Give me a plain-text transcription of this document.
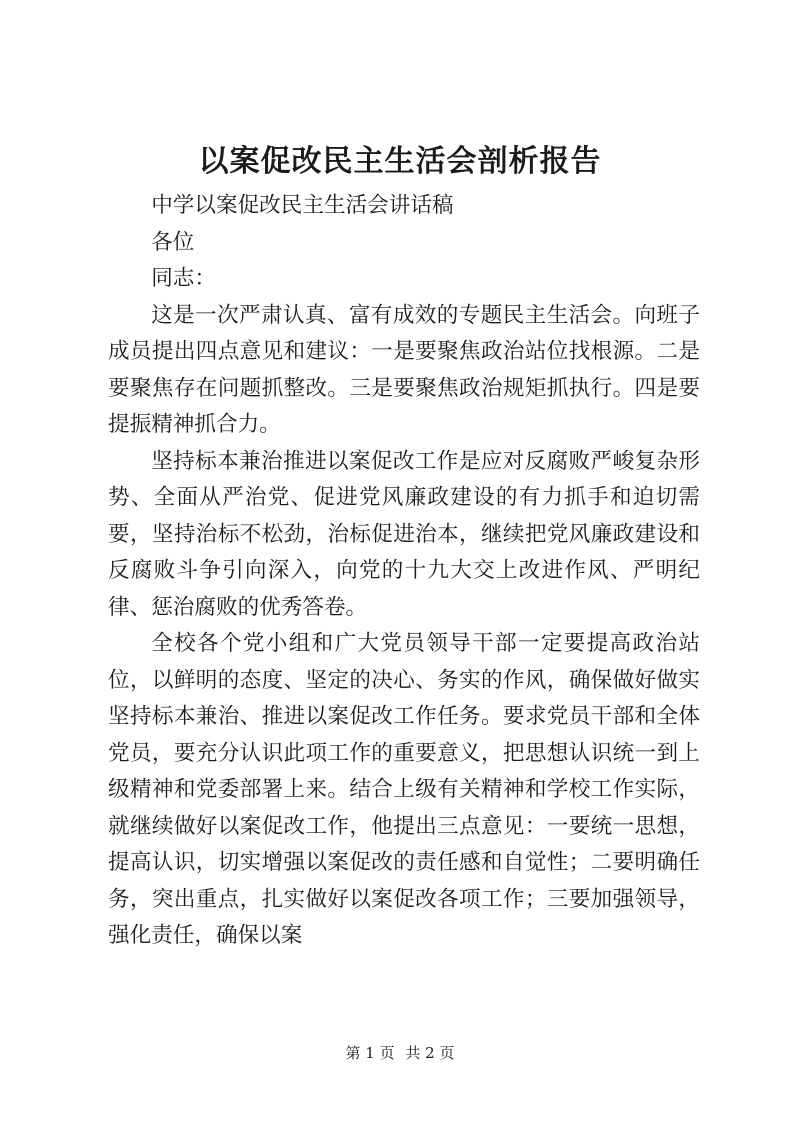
以案促改民主生活会剖析报告

中学以案促改民主生活会讲话稿

各位

同志：

这是一次严肃认真、富有成效的专题民主生活会。向班子成员提出四点意见和建议：一是要聚焦政治站位找根源。二是要聚焦存在问题抓整改。三是要聚焦政治规矩抓执行。四是要提振精神抓合力。

坚持标本兼治推进以案促改工作是应对反腐败严峻复杂形势、全面从严治党、促进党风廉政建设的有力抓手和迫切需要，坚持治标不松劲，治标促进治本，继续把党风廉政建设和反腐败斗争引向深入，向党的十九大交上改进作风、严明纪律、惩治腐败的优秀答卷。

全校各个党小组和广大党员领导干部一定要提高政治站位，以鲜明的态度、坚定的决心、务实的作风，确保做好做实坚持标本兼治、推进以案促改工作任务。要求党员干部和全体党员，要充分认识此项工作的重要意义，把思想认识统一到上级精神和党委部署上来。结合上级有关精神和学校工作实际，就继续做好以案促改工作，他提出三点意见：一要统一思想，提高认识，切实增强以案促改的责任感和自觉性；二要明确任务，突出重点，扎实做好以案促改各项工作；三要加强领导，强化责任，确保以案

第 1 页 共 2 页
